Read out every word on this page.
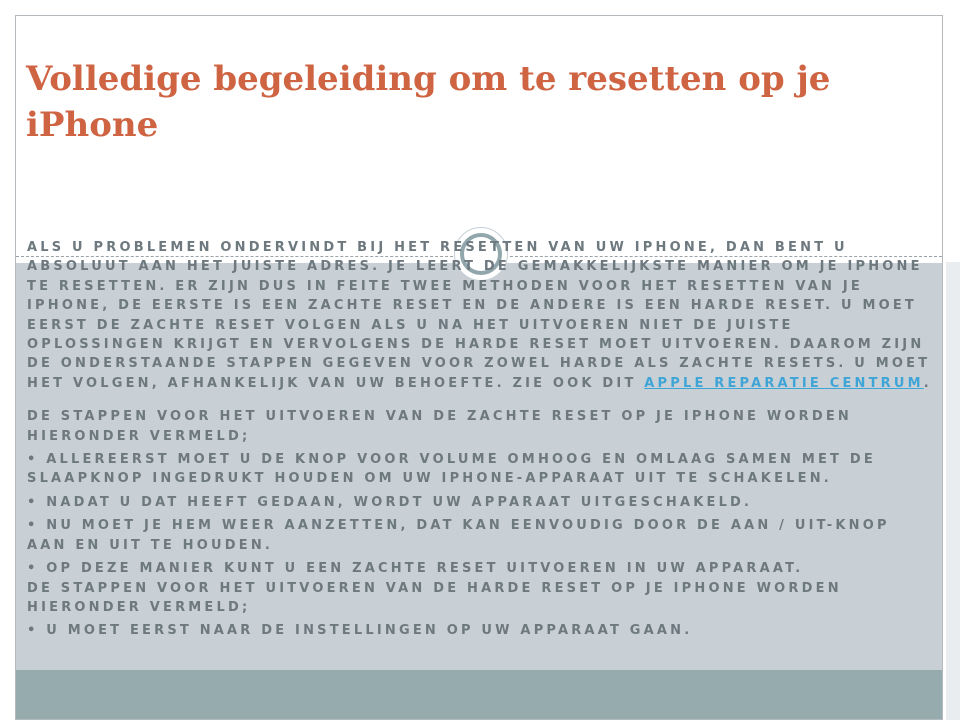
Volledige begeleiding om te resetten op je iPhone

ALS U PROBLEMEN ONDERVINDT BIJ HET RESETTEN VAN UW IPHONE, DAN BENT U ABSOLUUT AAN HET JUISTE ADRES. JE LEERT DE GEMAKKELIJKSTE MANIER OM JE IPHONE TE RESETTEN. ER ZIJN DUS IN FEITE TWEE METHODEN VOOR HET RESETTEN VAN JE IPHONE, DE EERSTE IS EEN ZACHTE RESET EN DE ANDERE IS EEN HARDE RESET. U MOET EERST DE ZACHTE RESET VOLGEN ALS U NA HET UITVOEREN NIET DE JUISTE OPLOSSINGEN KRIJGT EN VERVOLGENS DE HARDE RESET MOET UITVOEREN. DAAROM ZIJN DE ONDERSTAANDE STAPPEN GEGEVEN VOOR ZOWEL HARDE ALS ZACHTE RESETS. U MOET HET VOLGEN, AFHANKELIJK VAN UW BEHOEFTE. ZIE OOK DIT APPLE REPARATIE CENTRUM.

DE STAPPEN VOOR HET UITVOEREN VAN DE ZACHTE RESET OP JE IPHONE WORDEN HIERONDER VERMELD;

• ALLEREERST MOET U DE KNOP VOOR VOLUME OMHOOG EN OMLAAG SAMEN MET DE SLAAPKNOP INGEDRUKT HOUDEN OM UW IPHONE-APPARAAT UIT TE SCHAKELEN.

• NADAT U DAT HEEFT GEDAAN, WORDT UW APPARAAT UITGESCHAKELD.

• NU MOET JE HEM WEER AANZETTEN, DAT KAN EENVOUDIG DOOR DE AAN / UIT-KNOP AAN EN UIT TE HOUDEN.

• OP DEZE MANIER KUNT U EEN ZACHTE RESET UITVOEREN IN UW APPARAAT.

DE STAPPEN VOOR HET UITVOEREN VAN DE HARDE RESET OP JE IPHONE WORDEN HIERONDER VERMELD;

• U MOET EERST NAAR DE INSTELLINGEN OP UW APPARAAT GAAN.
